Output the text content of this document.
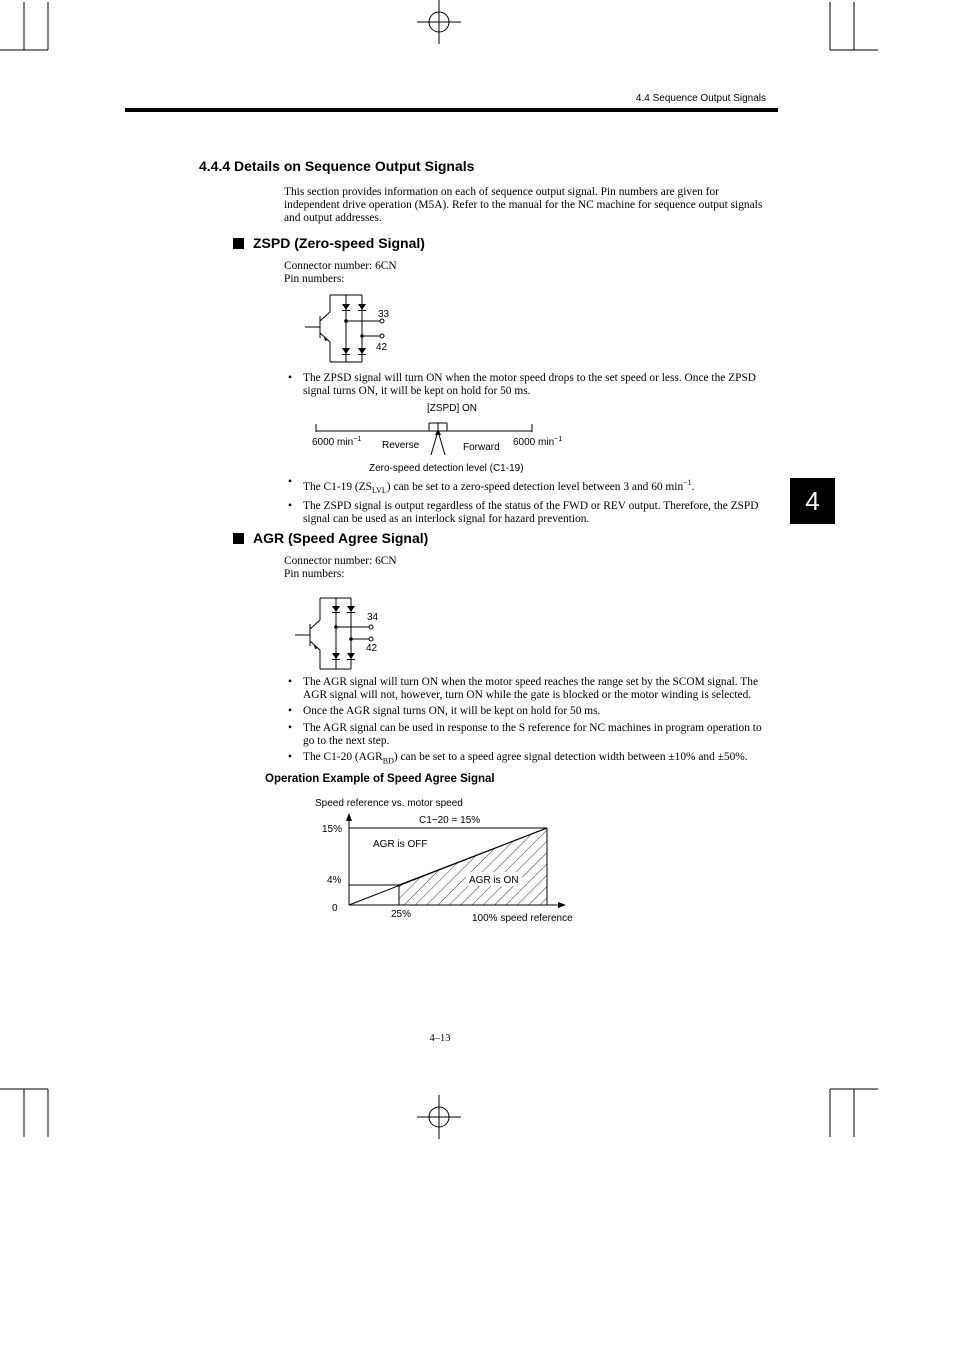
4.4 Sequence Output Signals
4.4.4 Details on Sequence Output Signals
This section provides information on each of sequence output signal. Pin numbers are given for independent drive operation (M5A). Refer to the manual for the NC machine for sequence output signals and output addresses.
ZSPD (Zero-speed Signal)
Connector number: 6CN
Pin numbers:
33
42
• The ZPSD signal will turn ON when the motor speed drops to the set speed or less. Once the ZPSD signal turns ON, it will be kept on hold for 50 ms.
[ZSPD] ON
6000 $\min^{-1}$
Reverse	Forward 6000 $\min^{-1}$
Zero-speed detection level (C1-19)
• The C1-19 $(ZS_{LVL})$ can be set to a zero-speed detection level between 3 and 60 $\min^{-1}$.
• The ZSPD signal is output regardless of the status of the FWD or REV output. Therefore, the ZSPD signal can be used as an interlock signal for hazard prevention.
4
AGR (Speed Agree Signal)
Connector number: 6CN
Pin numbers:
34
42
• The AGR signal will turn ON when the motor speed reaches the range set by the SCOM signal. The AGR signal will not, however, turn ON while the gate is blocked or the motor winding is selected.
• Once the AGR signal turns ON, it will be kept on hold for 50 ms.
• The AGR signal can be used in response to the S reference for NC machines in program operation to go to the next step.
• The C1-20 $(AGR_{BD})$ can be set to a speed agree signal detection width between ±10% and ±50%.
Operation Example of Speed Agree Signal
Speed reference vs. motor speed
C1−20 = 15%
15%
4%
0
25%	100% speed reference
AGR is OFF
AGR is ON
4–13
